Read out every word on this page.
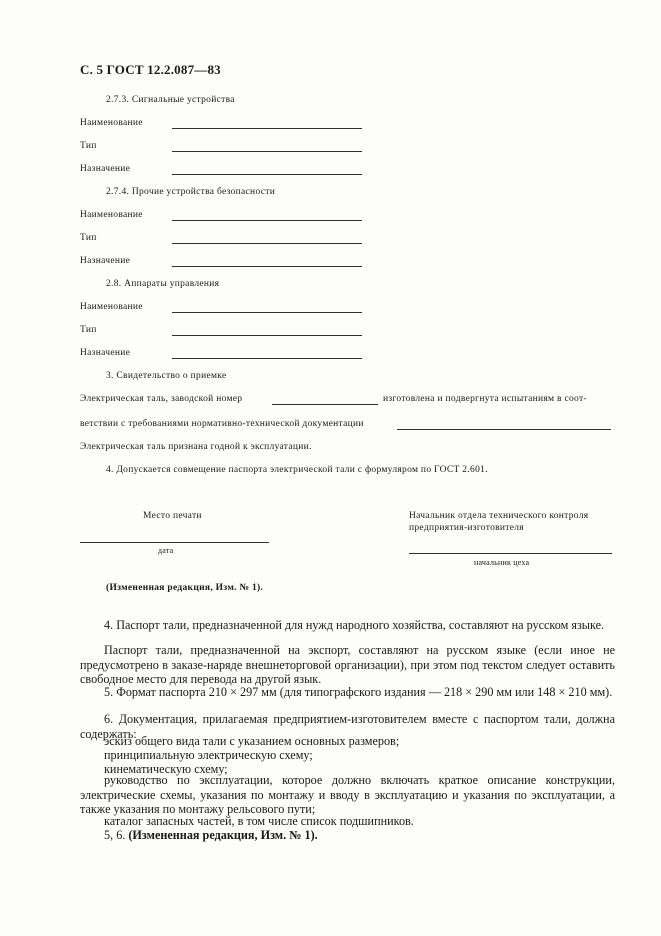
С. 5 ГОСТ 12.2.087—83
2.7.3. Сигнальные устройства
Наименование
Тип
Назначение
2.7.4. Прочие устройства безопасности
Наименование
Тип
Назначение
2.8. Аппараты управления
Наименование
Тип
Назначение
3. Свидетельство о приемке
Электрическая таль, заводской номер	изготовлена и подвергнута испытаниям в соот-
ветствии с требованиями нормативно-технической документации
Электрическая таль признана годной к эксплуатации.
4. Допускается совмещение паспорта электрической тали с формуляром по ГОСТ 2.601.
Место печати	Начальник отдела технического контроля
предприятия-изготовителя
дата
начальник цеха
(Измененная редакция, Изм. № 1).
4. Паспорт тали, предназначенной для нужд народного хозяйства, составляют на русском языке.
Паспорт тали, предназначенной на экспорт, составляют на русском языке (если иное не предусмотрено в заказе-наряде внешнеторговой организации), при этом под текстом следует оставить свободное место для перевода на другой язык.
5. Формат паспорта 210 × 297 мм (для типографского издания — 218 × 290 мм или 148 × 210 мм).
6. Документация, прилагаемая предприятием-изготовителем вместе с паспортом тали, должна содержать:
эскиз общего вида тали с указанием основных размеров;
принципиальную электрическую схему;
кинематическую схему;
руководство по эксплуатации, которое должно включать краткое описание конструкции, электрические схемы, указания по монтажу и вводу в эксплуатацию и указания по эксплуатации, а также указания по монтажу рельсового пути;
каталог запасных частей, в том числе список подшипников.
5, 6. (Измененная редакция, Изм. № 1).
